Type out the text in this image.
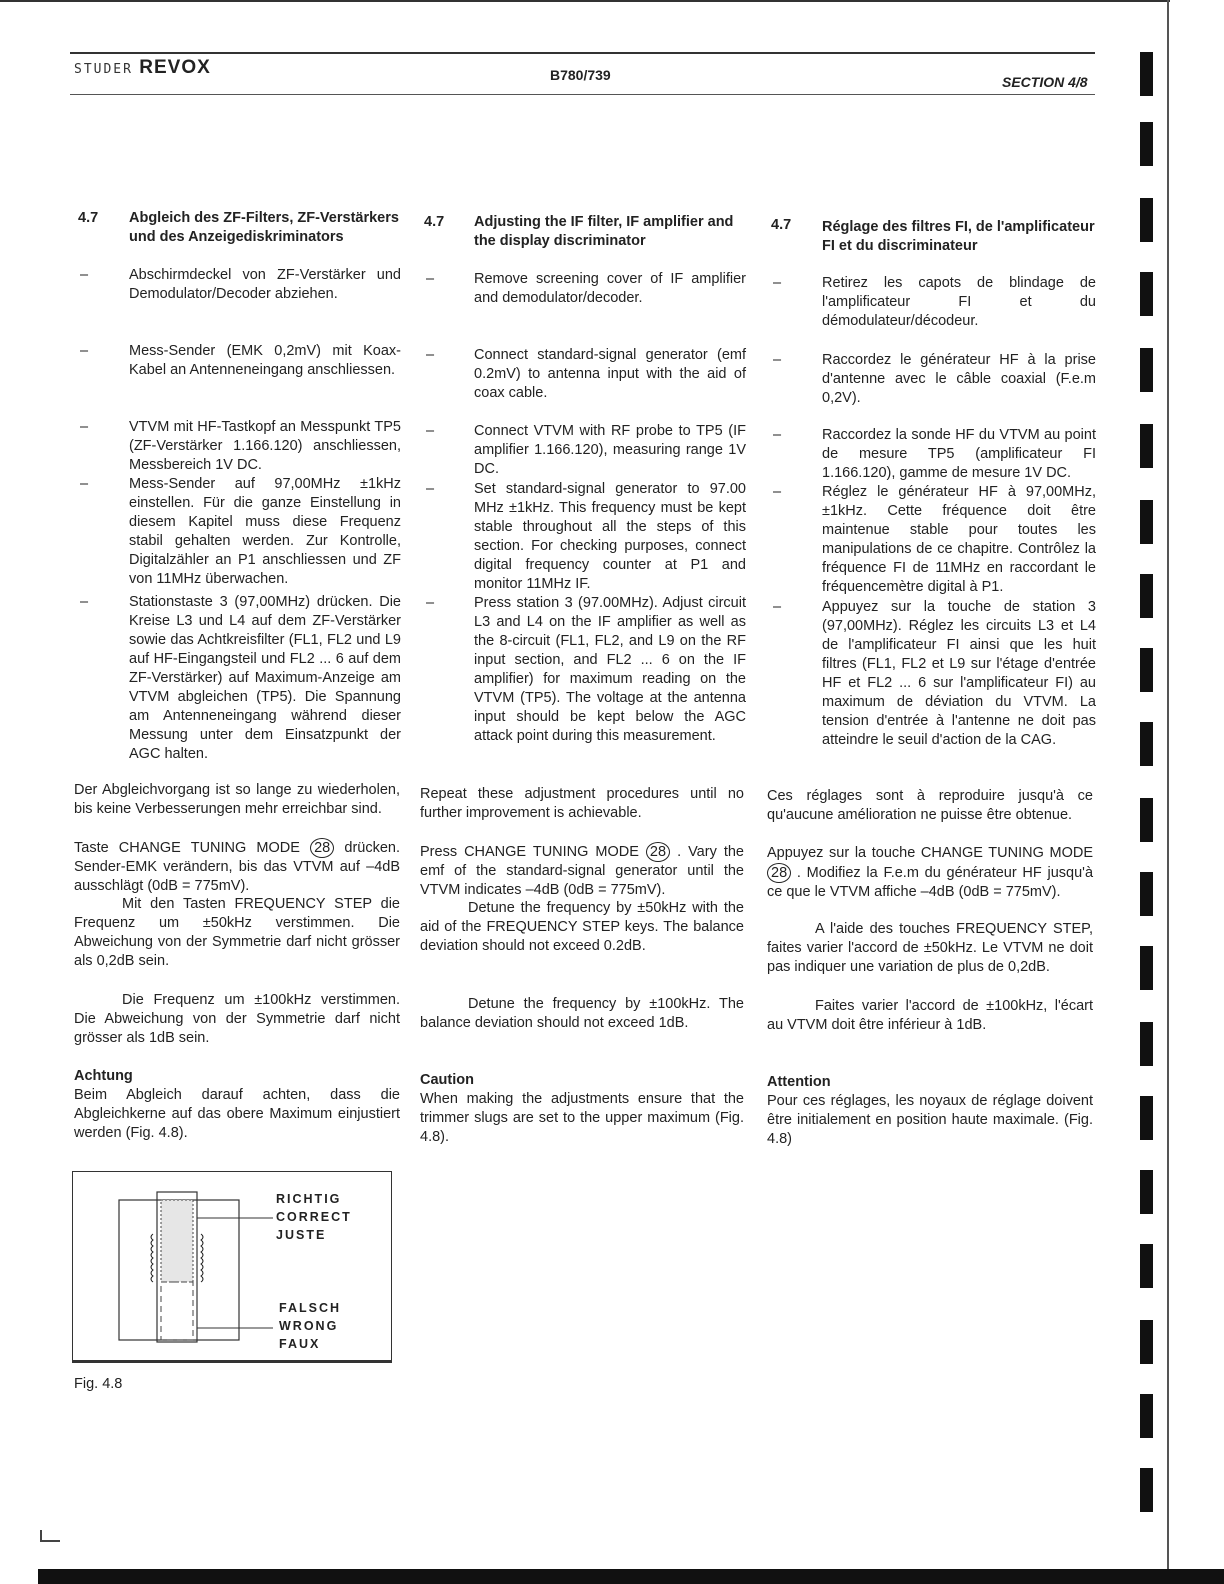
STUDER REVOX	B780/739	SECTION 4/8
4.7 Abgleich des ZF-Filters, ZF-Verstärkers und des Anzeigediskriminators
–	Abschirmdeckel von ZF-Verstärker und Demodulator/Decoder abziehen.
–	Mess-Sender (EMK 0,2mV) mit Koax-Kabel an Antenneneingang anschliessen.
–	VTVM mit HF-Tastkopf an Messpunkt TP5 (ZF-Verstärker 1.166.120) anschliessen, Messbereich 1V DC.
–	Mess-Sender auf 97,00MHz ±1kHz einstellen. Für die ganze Einstellung in diesem Kapitel muss diese Frequenz stabil gehalten werden. Zur Kontrolle, Digitalzähler an P1 anschliessen und ZF von 11MHz überwachen.
–	Stationstaste 3 (97,00MHz) drücken. Die Kreise L3 und L4 auf dem ZF-Verstärker sowie das Achtkreisfilter (FL1, FL2 und L9 auf HF-Eingangsteil und FL2 ... 6 auf dem ZF-Verstärker) auf Maximum-Anzeige am VTVM abgleichen (TP5). Die Spannung am Antenneneingang während dieser Messung unter dem Einsatzpunkt der AGC halten.
Der Abgleichvorgang ist so lange zu wiederholen, bis keine Verbesserungen mehr erreichbar sind.
Taste CHANGE TUNING MODE 28 drücken. Sender-EMK verändern, bis das VTVM auf –4dB ausschlägt (0dB = 775mV).
Mit den Tasten FREQUENCY STEP die Frequenz um ±50kHz verstimmen. Die Abweichung von der Symmetrie darf nicht grösser als 0,2dB sein.
Die Frequenz um ±100kHz verstimmen. Die Abweichung von der Symmetrie darf nicht grösser als 1dB sein.
Achtung
Beim Abgleich darauf achten, dass die Abgleichkerne auf das obere Maximum einjustiert werden (Fig. 4.8).
4.7 Adjusting the IF filter, IF amplifier and the display discriminator
–	Remove screening cover of IF amplifier and demodulator/decoder.
–	Connect standard-signal generator (emf 0.2mV) to antenna input with the aid of coax cable.
–	Connect VTVM with RF probe to TP5 (IF amplifier 1.166.120), measuring range 1V DC.
–	Set standard-signal generator to 97.00 MHz ±1kHz. This frequency must be kept stable throughout all the steps of this section. For checking purposes, connect digital frequency counter at P1 and monitor 11MHz IF.
–	Press station 3 (97.00MHz). Adjust circuit L3 and L4 on the IF amplifier as well as the 8-circuit (FL1, FL2, and L9 on the RF input section, and FL2 ... 6 on the IF amplifier) for maximum reading on the VTVM (TP5). The voltage at the antenna input should be kept below the AGC attack point during this measurement.
Repeat these adjustment procedures until no further improvement is achievable.
Press CHANGE TUNING MODE 28 . Vary the emf of the standard-signal generator until the VTVM indicates –4dB (0dB = 775mV).
Detune the frequency by ±50kHz with the aid of the FREQUENCY STEP keys. The balance deviation should not exceed 0.2dB.
Detune the frequency by ±100kHz. The balance deviation should not exceed 1dB.
Caution
When making the adjustments ensure that the trimmer slugs are set to the upper maximum (Fig. 4.8).
4.7 Réglage des filtres FI, de l'amplificateur FI et du discriminateur
–	Retirez les capots de blindage de l'amplificateur FI et du démodulateur/décodeur.
–	Raccordez le générateur HF à la prise d'antenne avec le câble coaxial (F.e.m 0,2V).
–	Raccordez la sonde HF du VTVM au point de mesure TP5 (amplificateur FI 1.166.120), gamme de mesure 1V DC.
–	Réglez le générateur HF à 97,00MHz, ±1kHz. Cette fréquence doit être maintenue stable pour toutes les manipulations de ce chapitre. Contrôlez la fréquence FI de 11MHz en raccordant le fréquencemètre digital à P1.
–	Appuyez sur la touche de station 3 (97,00MHz). Réglez les circuits L3 et L4 de l'amplificateur FI ainsi que les huit filtres (FL1, FL2 et L9 sur l'étage d'entrée HF et FL2 ... 6 sur l'amplificateur FI) au maximum de déviation du VTVM. La tension d'entrée à l'antenne ne doit pas atteindre le seuil d'action de la CAG.
Ces réglages sont à reproduire jusqu'à ce qu'aucune amélioration ne puisse être obtenue.
Appuyez sur la touche CHANGE TUNING MODE 28 . Modifiez la F.e.m du générateur HF jusqu'à ce que le VTVM affiche –4dB (0dB = 775mV).
A l'aide des touches FREQUENCY STEP, faites varier l'accord de ±50kHz. Le VTVM ne doit pas indiquer une variation de plus de 0,2dB.
Faites varier l'accord de ±100kHz, l'écart au VTVM doit être inférieur à 1dB.
Attention
Pour ces réglages, les noyaux de réglage doivent être initialement en position haute maximale. (Fig. 4.8)
RICHTIG
CORRECT
JUSTE
FALSCH
WRONG
FAUX
Fig. 4.8
